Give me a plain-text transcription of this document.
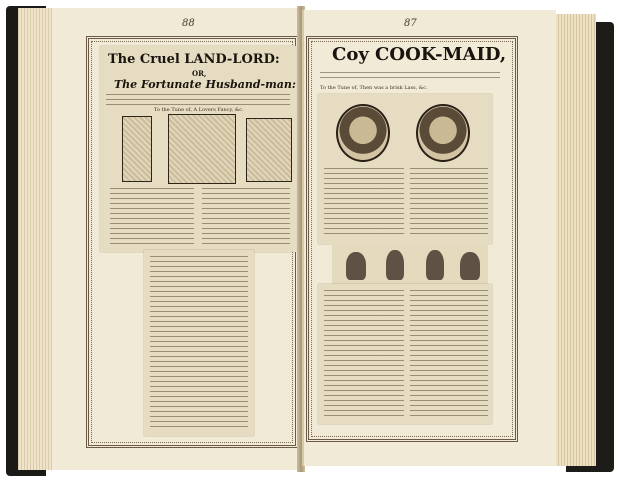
88
The Cruel LAND-LORD:
OR,
The Fortunate Husband-man:
To the Tune of, A Lovers Fancy, &c.
87
Coy COOK-MAID,
To the Tune of, Then was a brisk Lass, &c.
